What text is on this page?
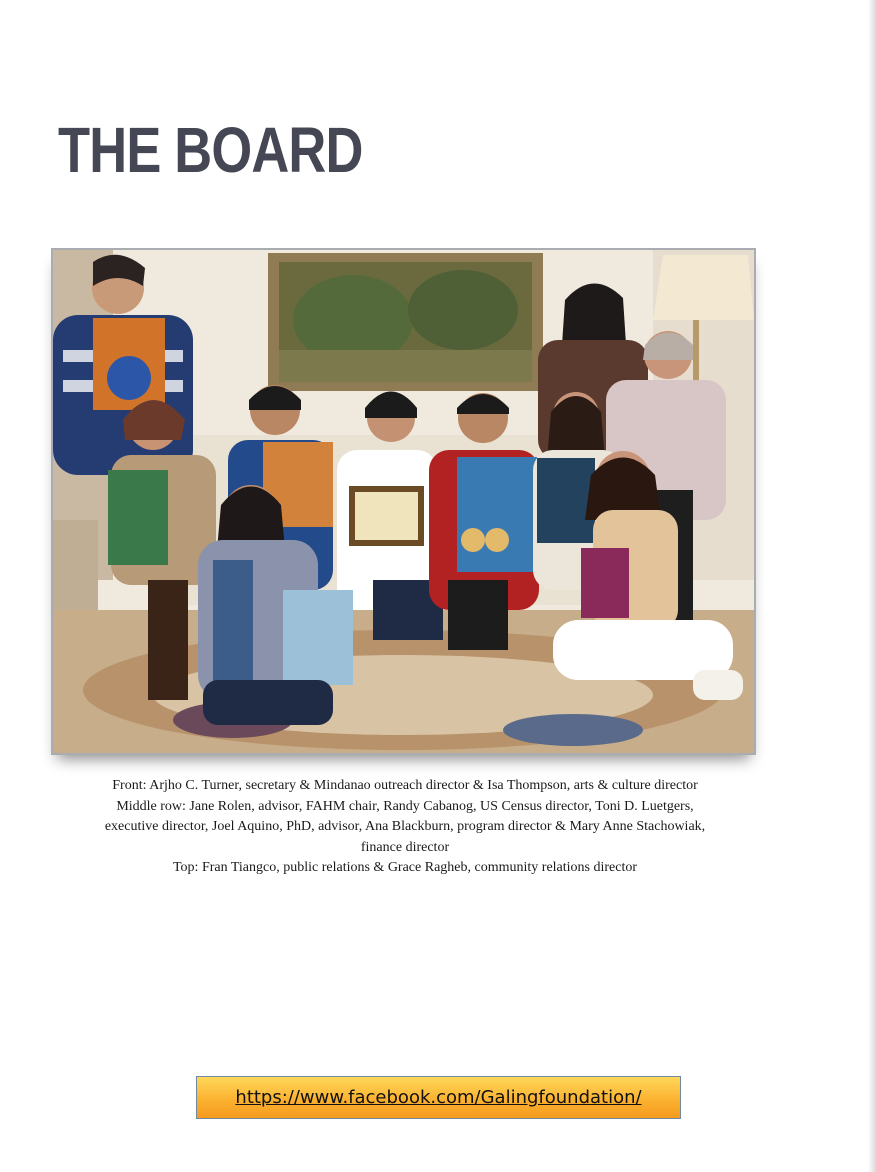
THE BOARD
Front: Arjho C. Turner, secretary & Mindanao outreach director & Isa Thompson, arts & culture director
Middle row: Jane Rolen, advisor, FAHM chair, Randy Cabanog, US Census director, Toni D. Luetgers,
executive director, Joel Aquino, PhD, advisor, Ana Blackburn, program director & Mary Anne Stachowiak,
finance director
Top: Fran Tiangco, public relations & Grace Ragheb, community relations director
https://www.facebook.com/Galingfoundation/
